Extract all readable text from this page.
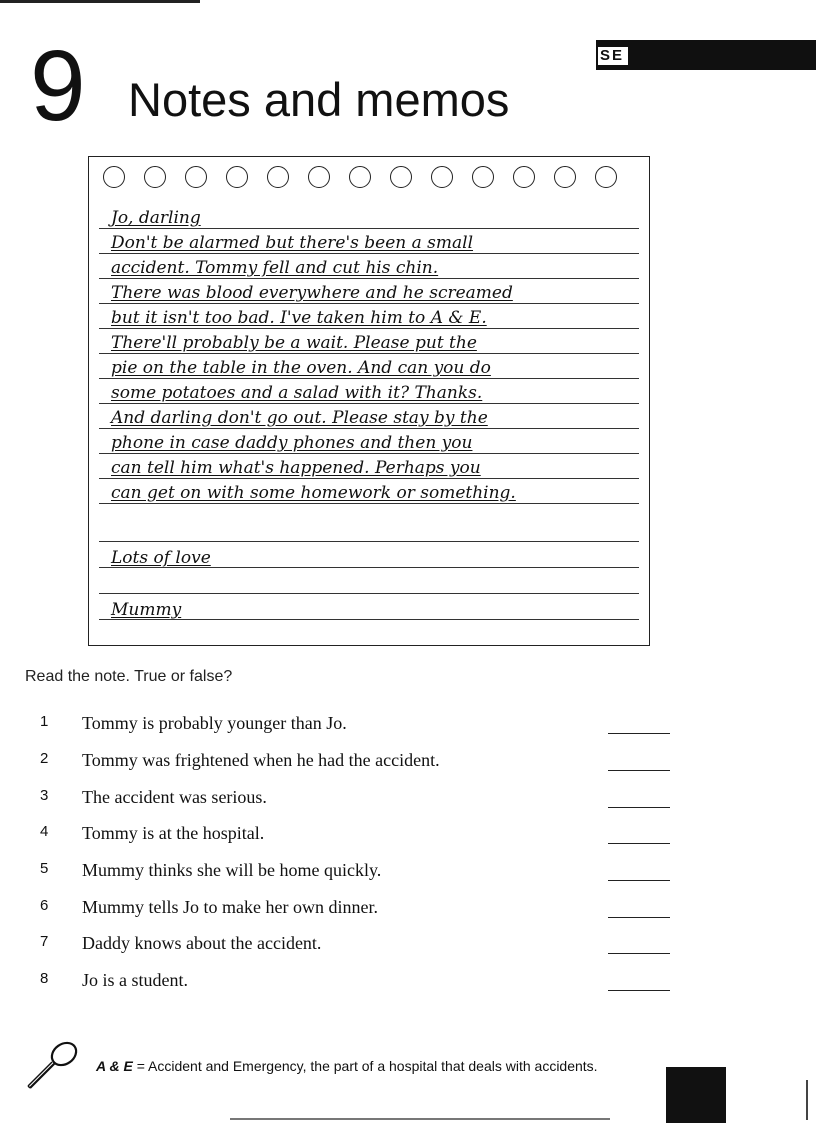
SE
9 Notes and memos
Jo, darling
Don't be alarmed but there's been a small
accident. Tommy fell and cut his chin.
There was blood everywhere and he screamed
but it isn't too bad. I've taken him to A & E.
There'll probably be a wait. Please put the
pie on the table in the oven. And can you do
some potatoes and a salad with it? Thanks.
And darling don't go out. Please stay by the
phone in case daddy phones and then you
can tell him what's happened. Perhaps you
can get on with some homework or something.
Lots of love
Mummy
Read the note. True or false?
1 Tommy is probably younger than Jo.
2 Tommy was frightened when he had the accident.
3 The accident was serious.
4 Tommy is at the hospital.
5 Mummy thinks she will be home quickly.
6 Mummy tells Jo to make her own dinner.
7 Daddy knows about the accident.
8 Jo is a student.
A & E = Accident and Emergency, the part of a hospital that deals with accidents.
